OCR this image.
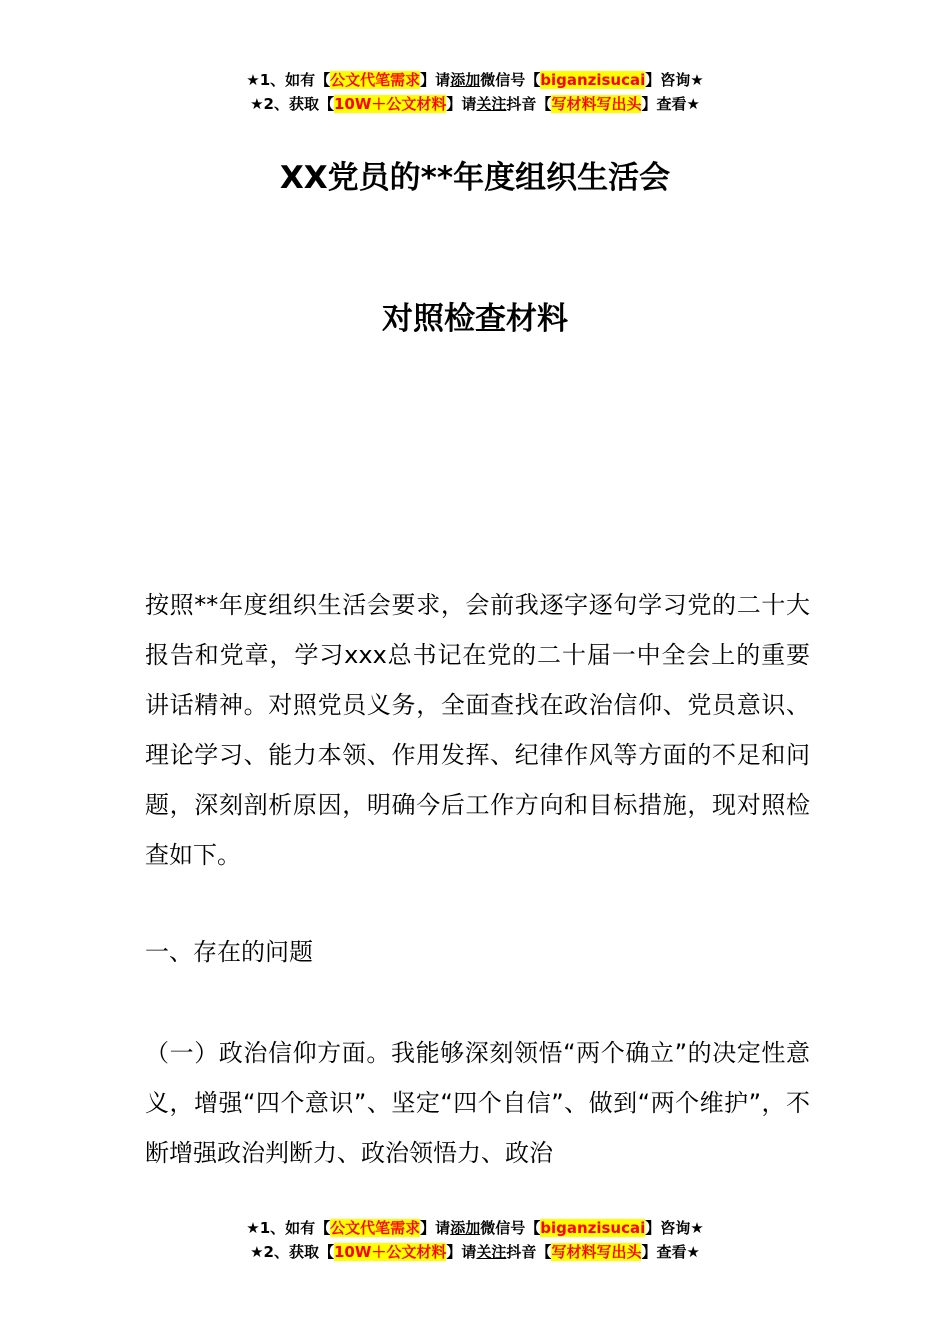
★1、如有【公文代笔需求】请添加微信号【biganzisucai】咨询★
★2、获取【10W＋公文材料】请关注抖音【写材料写出头】查看★
XX党员的**年度组织生活会
对照检查材料

按照**年度组织生活会要求，会前我逐字逐句学习党的二十大报告和党章，学习xxx总书记在党的二十届一中全会上的重要讲话精神。对照党员义务，全面查找在政治信仰、党员意识、理论学习、能力本领、作用发挥、纪律作风等方面的不足和问题，深刻剖析原因，明确今后工作方向和目标措施，现对照检查如下。

一、存在的问题

（一）政治信仰方面。我能够深刻领悟“两个确立”的决定性意义，增强“四个意识”、坚定“四个自信”、做到“两个维护”，不断增强政治判断力、政治领悟力、政治

★1、如有【公文代笔需求】请添加微信号【biganzisucai】咨询★
★2、获取【10W＋公文材料】请关注抖音【写材料写出头】查看★
